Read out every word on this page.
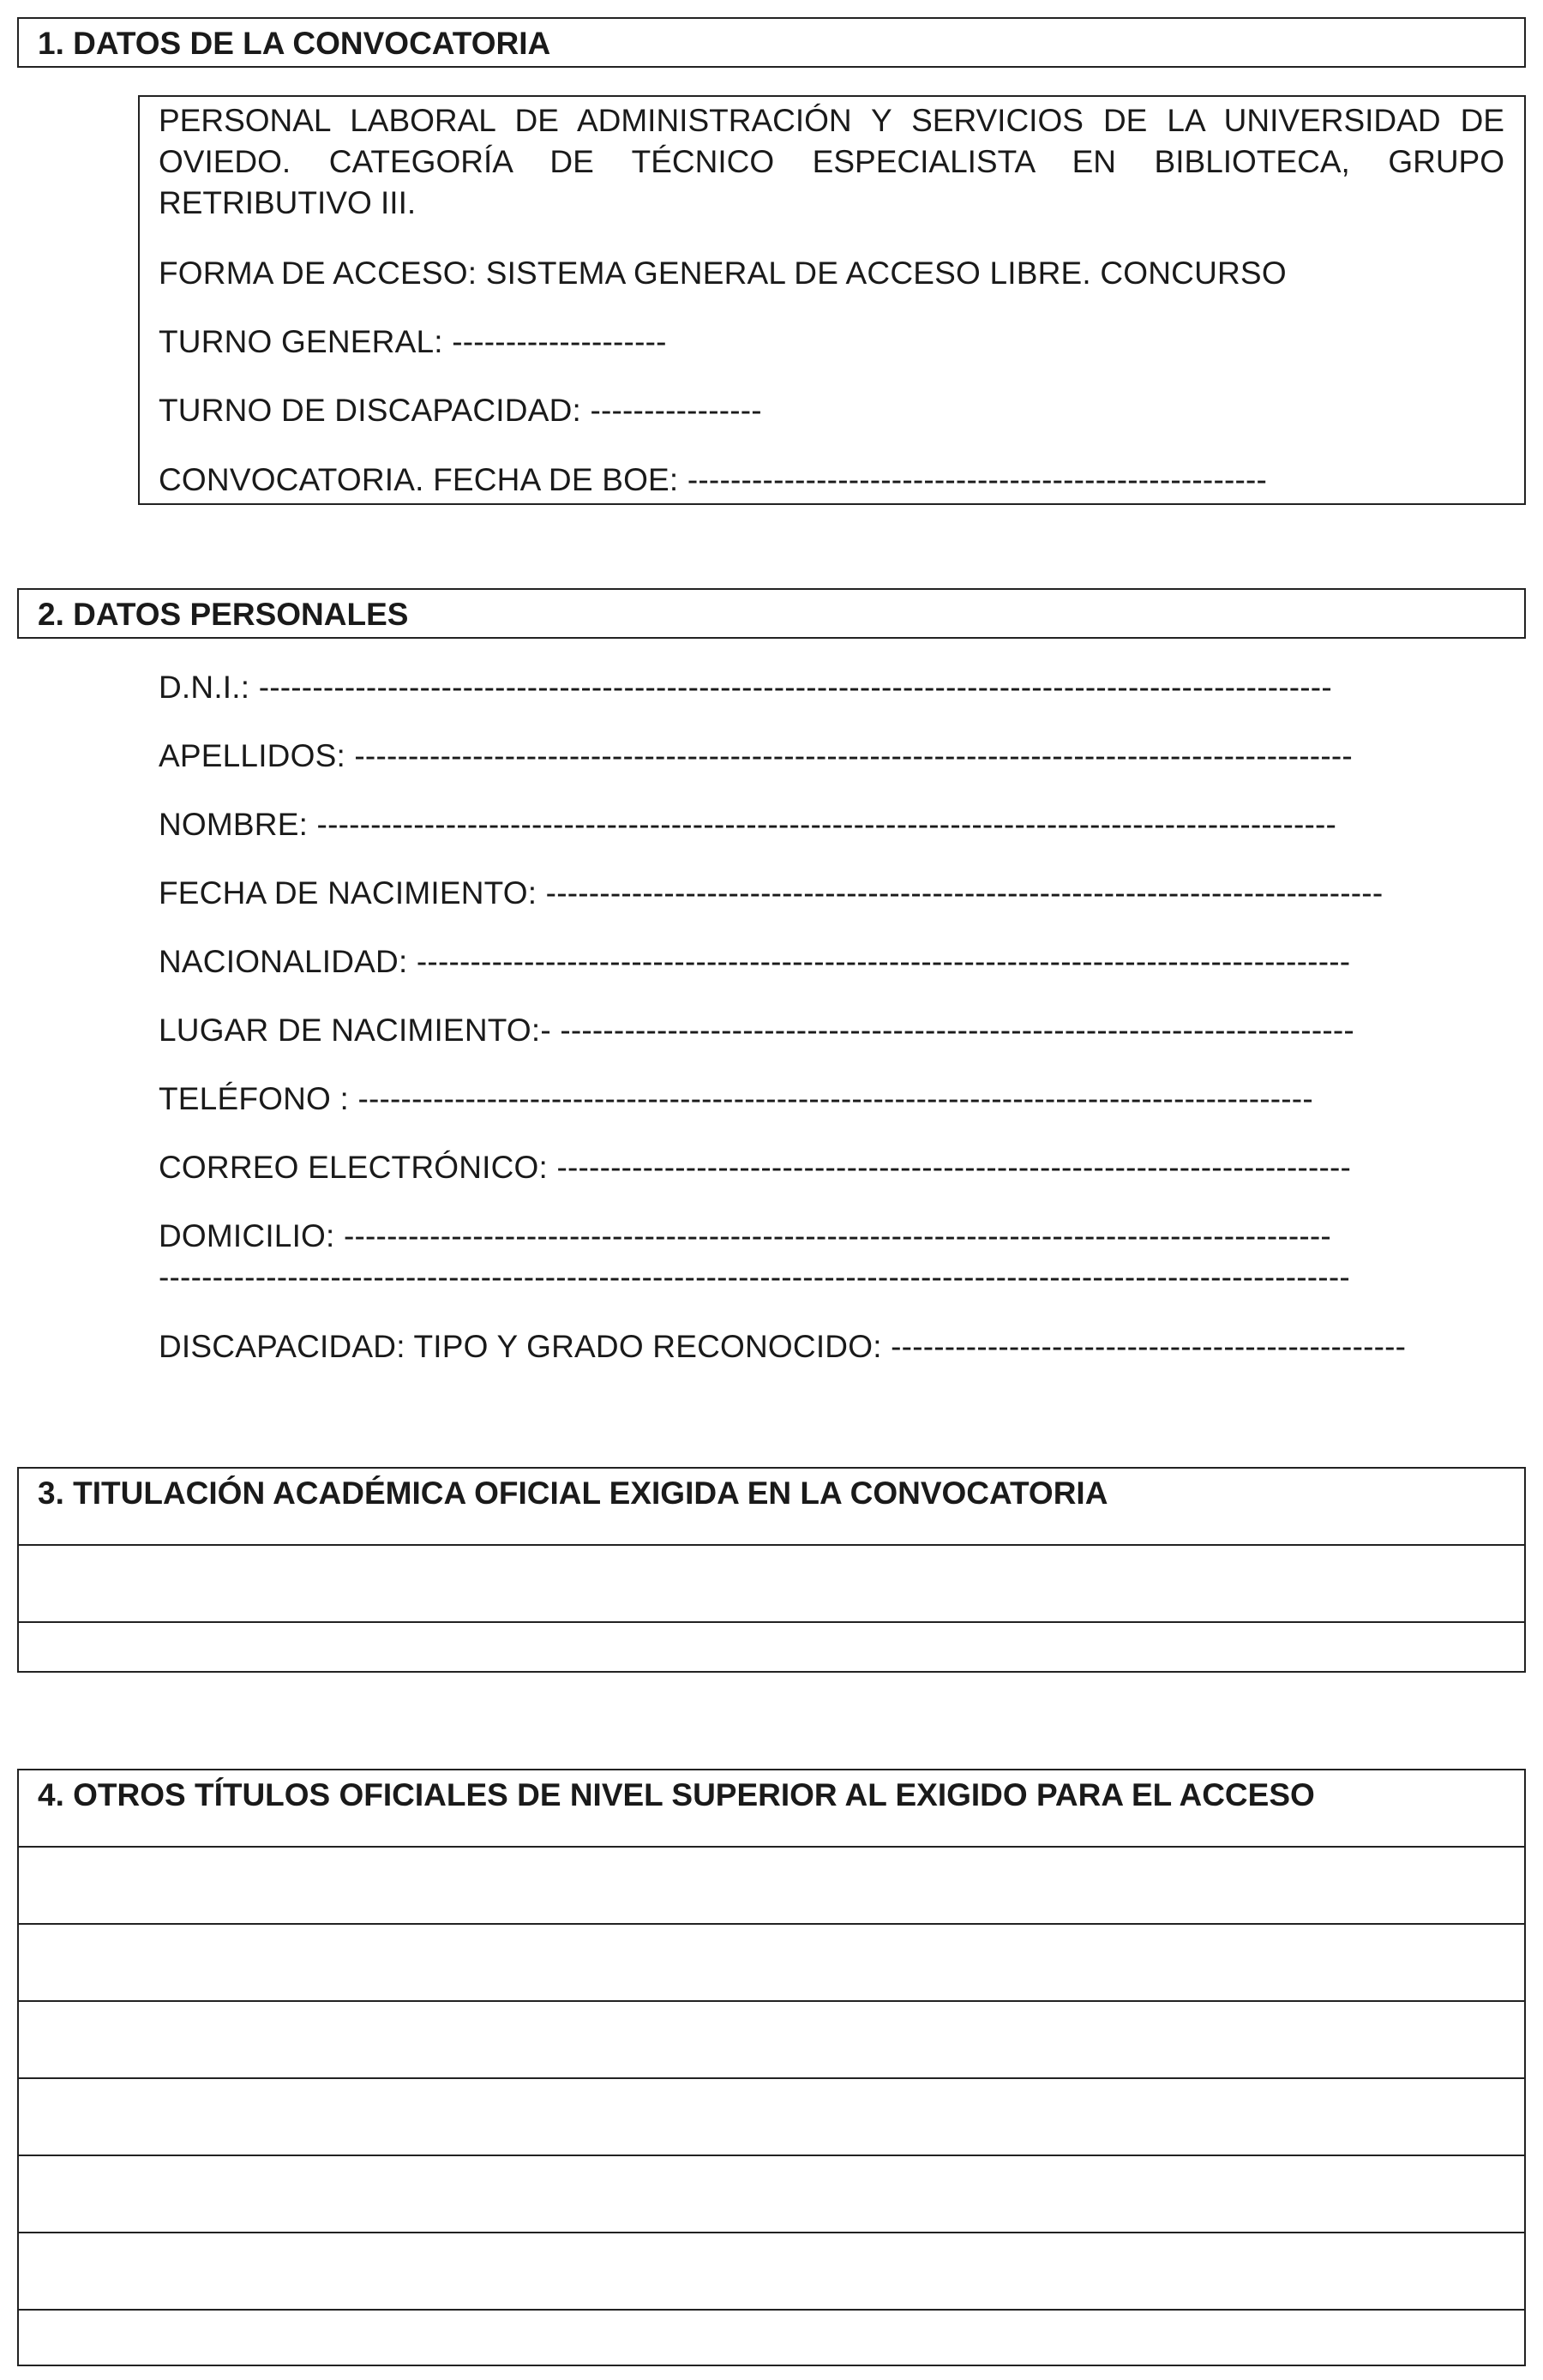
1. DATOS DE LA CONVOCATORIA
PERSONAL LABORAL DE ADMINISTRACIÓN Y SERVICIOS DE LA UNIVERSIDAD DE OVIEDO. CATEGORÍA DE TÉCNICO ESPECIALISTA EN BIBLIOTECA, GRUPO RETRIBUTIVO III.
FORMA DE ACCESO: SISTEMA GENERAL DE ACCESO LIBRE. CONCURSO
TURNO GENERAL: --------------------
TURNO DE DISCAPACIDAD: ----------------
CONVOCATORIA. FECHA DE BOE: ------------------------------------------------------
2. DATOS PERSONALES
D.N.I.: ----------------------------------------------------------------------------------------------------
APELLIDOS: ---------------------------------------------------------------------------------------------
NOMBRE: -----------------------------------------------------------------------------------------------
FECHA DE NACIMIENTO: ------------------------------------------------------------------------------
NACIONALIDAD: ---------------------------------------------------------------------------------------
LUGAR DE NACIMIENTO:- --------------------------------------------------------------------------
TELÉFONO : -----------------------------------------------------------------------------------------
CORREO ELECTRÓNICO: --------------------------------------------------------------------------
DOMICILIO: --------------------------------------------------------------------------------------------
---------------------------------------------------------------------------------------------------------------
DISCAPACIDAD: TIPO Y GRADO RECONOCIDO: ------------------------------------------------
3. TITULACIÓN ACADÉMICA OFICIAL EXIGIDA EN LA CONVOCATORIA
4. OTROS TÍTULOS OFICIALES DE NIVEL SUPERIOR AL EXIGIDO PARA EL ACCESO
